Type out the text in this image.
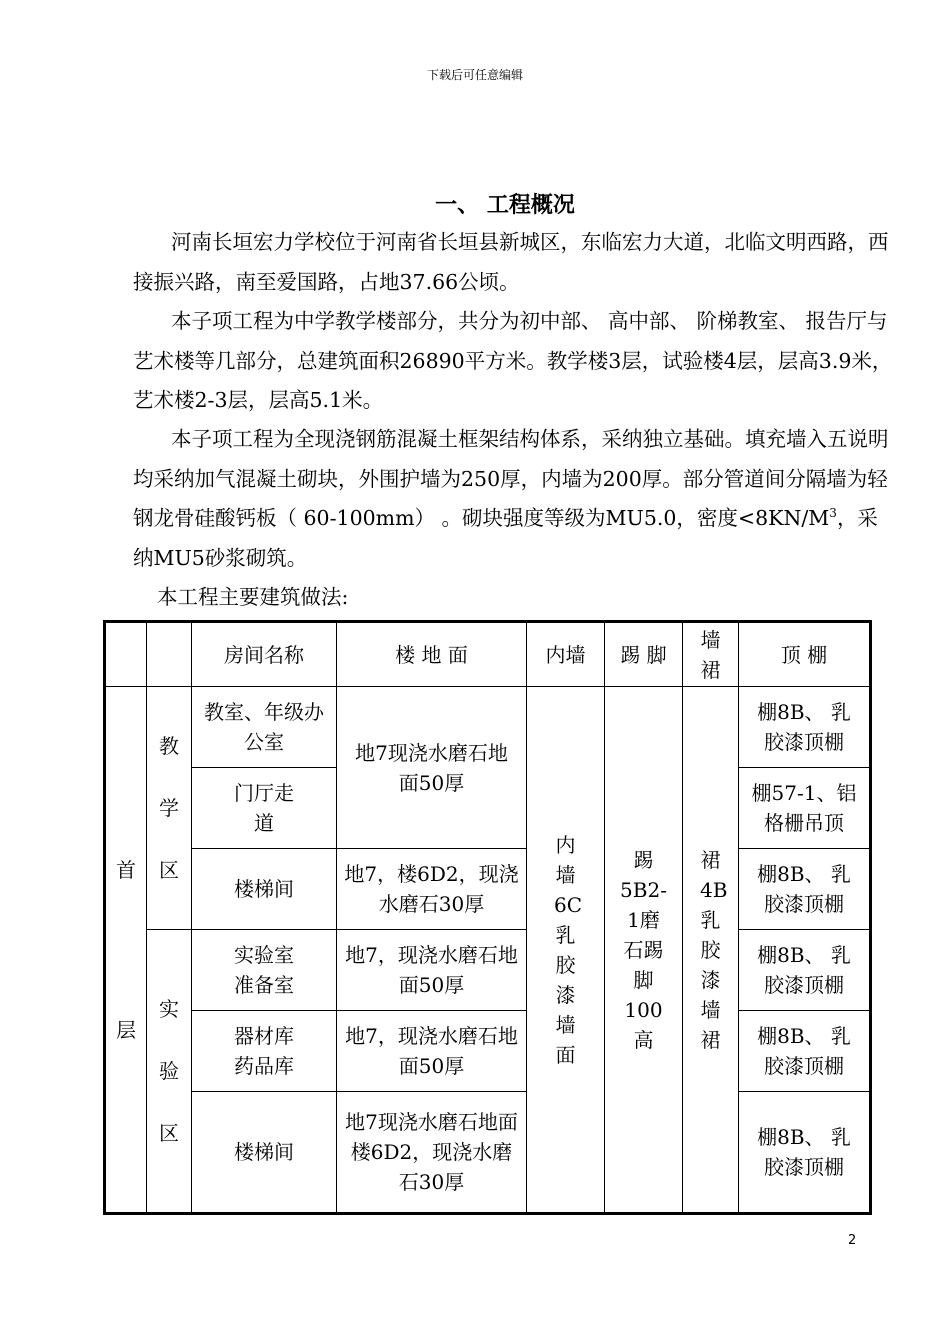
下载后可任意编辑
一、 工程概况

河南长垣宏力学校位于河南省长垣县新城区，东临宏力大道，北临文明西路，西接振兴路，南至爱国路，占地37.66公顷。

本子项工程为中学教学楼部分，共分为初中部、 高中部、 阶梯教室、 报告厅与艺术楼等几部分，总建筑面积26890平方米。教学楼3层，试验楼4层，层高3.9米，艺术楼2-3层，层高5.1米。

本子项工程为全现浇钢筋混凝土框架结构体系，采纳独立基础。填充墙入五说明均采纳加气混凝土砌块，外围护墙为250厚，内墙为200厚。部分管道间分隔墙为轻钢龙骨硅酸钙板（ 60-100mm） 。砌块强度等级为MU5.0，密度$<8KN/M^3$，采纳MU5砂浆砌筑。

本工程主要建筑做法:

		房间名称	楼 地 面	内墙	踢 脚	墙裙	顶 棚
首层	教学区	教室、年级办公室	地7现浇水磨石地面50厚	内墙6C乳胶漆墙面	踢5B2-1磨石踢脚100高	裙4B乳胶漆墙裙	棚8B、 乳胶漆顶棚
		门厅走道					棚57-1、铝格栅吊顶
		楼梯间	地7，楼6D2，现浇水磨石30厚				棚8B、 乳胶漆顶棚
	实验区	实验室准备室	地7，现浇水磨石地面50厚				棚8B、 乳胶漆顶棚
		器材库药品库	地7，现浇水磨石地面50厚				棚8B、 乳胶漆顶棚
		楼梯间	地7现浇水磨石地面楼6D2，现浇水磨石30厚				棚8B、 乳胶漆顶棚
2
